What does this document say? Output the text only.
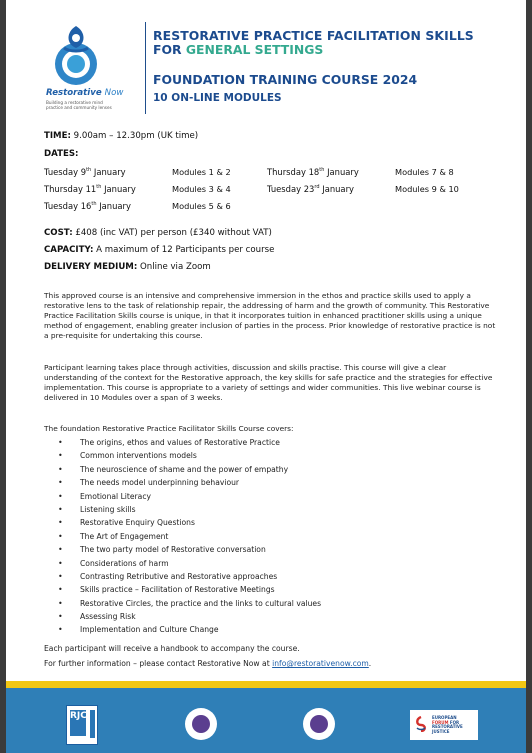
Restorative Now
Building a restorative mind practice and community lenses
RESTORATIVE PRACTICE FACILITATION SKILLS
FOR GENERAL SETTINGS
FOUNDATION TRAINING COURSE 2024
10 ON-LINE MODULES
TIME: 9.00am – 12.30pm (UK time)
DATES:
Tuesday 9th January	Modules 1 & 2
Thursday 11th January	Modules 3 & 4
Tuesday 16th January	Modules 5 & 6
Thursday 18th January	Modules 7 & 8
Tuesday 23rd January	Modules 9 & 10
COST: £408 (inc VAT) per person (£340 without VAT)
CAPACITY: A maximum of 12 Participants per course
DELIVERY MEDIUM: Online via Zoom

This approved course is an intensive and comprehensive immersion in the ethos and practice skills used to apply a restorative lens to the task of relationship repair, the addressing of harm and the growth of community. This Restorative Practice Facilitation Skills course is unique, in that it incorporates tuition in enhanced practitioner skills using a unique method of engagement, enabling greater inclusion of parties in the process. Prior knowledge of restorative practice is not a pre-requisite for undertaking this course.

Participant learning takes place through activities, discussion and skills practise. This course will give a clear understanding of the context for the Restorative approach, the key skills for safe practice and the strategies for effective implementation. This course is appropriate to a variety of settings and wider communities. This live webinar course is delivered in 10 Modules over a span of 3 weeks.

The foundation Restorative Practice Facilitator Skills Course covers:
• The origins, ethos and values of Restorative Practice
• Common interventions models
• The neuroscience of shame and the power of empathy
• The needs model underpinning behaviour
• Emotional Literacy
• Listening skills
• Restorative Enquiry Questions
• The Art of Engagement
• The two party model of Restorative conversation
• Considerations of harm
• Contrasting Retributive and Restorative approaches
• Skills practice – Facilitation of Restorative Meetings
• Restorative Circles, the practice and the links to cultural values
• Assessing Risk
• Implementation and Culture Change
Each participant will receive a handbook to accompany the course.
For further information – please contact Restorative Now at info@restorativenow.com.
RJC	EUROPEAN
FORUM FOR
RESTORATIVE
JUSTICE
